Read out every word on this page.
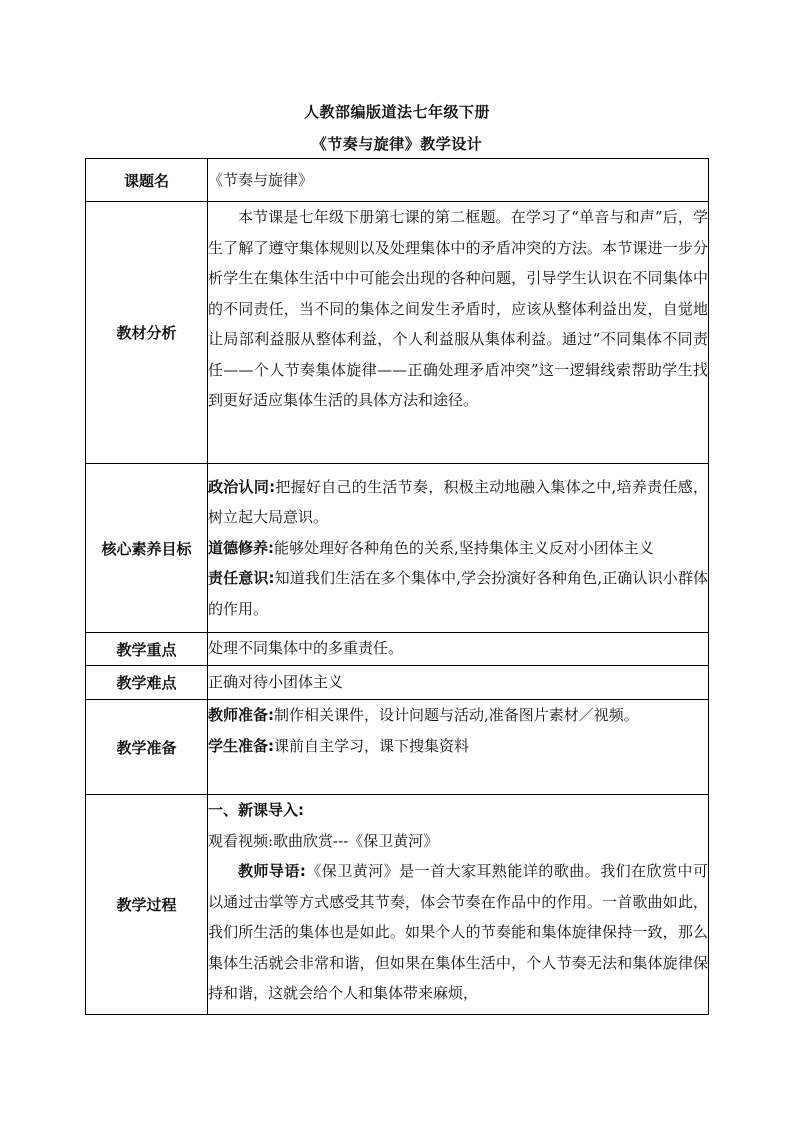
人教部编版道法七年级下册
《节奏与旋律》教学设计
课题名	《节奏与旋律》
教材分析	本节课是七年级下册第七课的第二框题。在学习了“单音与和声”后，学生了解了遵守集体规则以及处理集体中的矛盾冲突的方法。本节课进一步分析学生在集体生活中中可能会出现的各种问题，引导学生认识在不同集体中的不同责任，当不同的集体之间发生矛盾时，应该从整体利益出发，自觉地让局部利益服从整体利益，个人利益服从集体利益。通过“不同集体不同责任——个人节奏集体旋律——正确处理矛盾冲突”这一逻辑线索帮助学生找到更好适应集体生活的具体方法和途径。

核心素养目标	政治认同:把握好自己的生活节奏，积极主动地融入集体之中,培养责任感，树立起大局意识。
道德修养:能够处理好各种角色的关系,坚持集体主义反对小团体主义
责任意识:知道我们生活在多个集体中,学会扮演好各种角色,正确认识小群体的作用。

教学重点	处理不同集体中的多重责任。
教学难点	正确对待小团体主义
教学准备	教师准备:制作相关课件，设计问题与活动,准备图片素材／视频。
学生准备:课前自主学习，课下搜集资料

教学过程	一、新课导入:
观看视频:歌曲欣赏---《保卫黄河》
教师导语:《保卫黄河》是一首大家耳熟能详的歌曲。我们在欣赏中可以通过击掌等方式感受其节奏，体会节奏在作品中的作用。一首歌曲如此，我们所生活的集体也是如此。如果个人的节奏能和集体旋律保持一致，那么集体生活就会非常和谐，但如果在集体生活中，个人节奏无法和集体旋律保持和谐，这就会给个人和集体带来麻烦，
